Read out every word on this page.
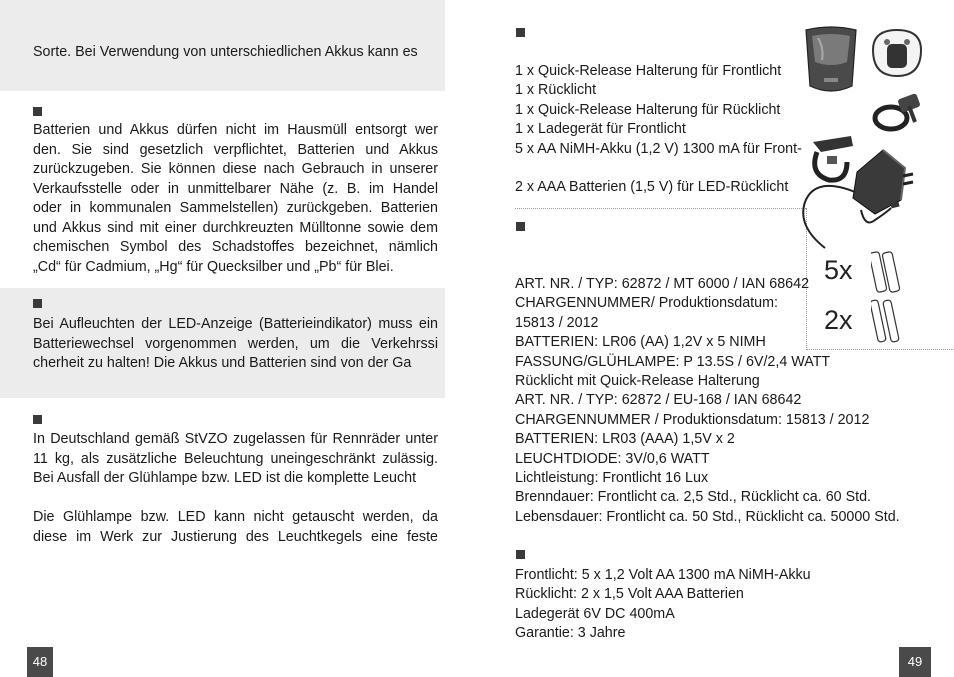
Sorte. Bei Verwendung von unterschiedlichen Akkus kann es
Batterien und Akkus dürfen nicht im Hausmüll entsorgt wer
den. Sie sind gesetzlich verpflichtet, Batterien und Akkus
zurückzugeben. Sie können diese nach Gebrauch in unserer
Verkaufsstelle oder in unmittelbarer Nähe (z. B. im Handel
oder in kommunalen Sammelstellen) zurückgeben. Batterien
und Akkus sind mit einer durchkreuzten Mülltonne sowie dem
chemischen Symbol des Schadstoffes bezeichnet, nämlich
„Cd“ für Cadmium, „Hg“ für Quecksilber und „Pb“ für Blei.
Bei Aufleuchten der LED-Anzeige (Batterieindikator) muss ein
Batteriewechsel vorgenommen werden, um die Verkehrssi
cherheit zu halten! Die Akkus und Batterien sind von der Ga
In Deutschland gemäß StVZO zugelassen für Rennräder unter
11 kg, als zusätzliche Beleuchtung uneingeschränkt zulässig.
Bei Ausfall der Glühlampe bzw. LED ist die komplette Leucht
Die Glühlampe bzw. LED kann nicht getauscht werden, da
diese im Werk zur Justierung des Leuchtkegels eine feste
48
1 x Quick-Release Halterung für Frontlicht
1 x Rücklicht
1 x Quick-Release Halterung für Rücklicht
1 x Ladegerät für Frontlicht
5 x AA NiMH-Akku (1,2 V) 1300 mA für Front-
2 x AAA Batterien (1,5 V) für LED-Rücklicht
ART. NR. / TYP: 62872 / MT 6000 / IAN 68642
CHARGENNUMMER/ Produktionsdatum:
15813 / 2012
BATTERIEN: LR06 (AA) 1,2V x 5 NIMH
FASSUNG/GLÜHLAMPE: P 13.5S / 6V/2,4 WATT
Rücklicht mit Quick-Release Halterung
ART. NR. / TYP: 62872 / EU-168 / IAN 68642
CHARGENNUMMER / Produktionsdatum: 15813 / 2012
BATTERIEN: LR03 (AAA) 1,5V x 2
LEUCHTDIODE: 3V/0,6 WATT
Lichtleistung: Frontlicht 16 Lux
Brenndauer: Frontlicht ca. 2,5 Std., Rücklicht ca. 60 Std.
Lebensdauer: Frontlicht ca. 50 Std., Rücklicht ca. 50000 Std.
Frontlicht: 5 x 1,2 Volt AA 1300 mA NiMH-Akku
Rücklicht: 2 x 1,5 Volt AAA Batterien
Ladegerät 6V DC 400mA
Garantie: 3 Jahre
5x
2x
49
